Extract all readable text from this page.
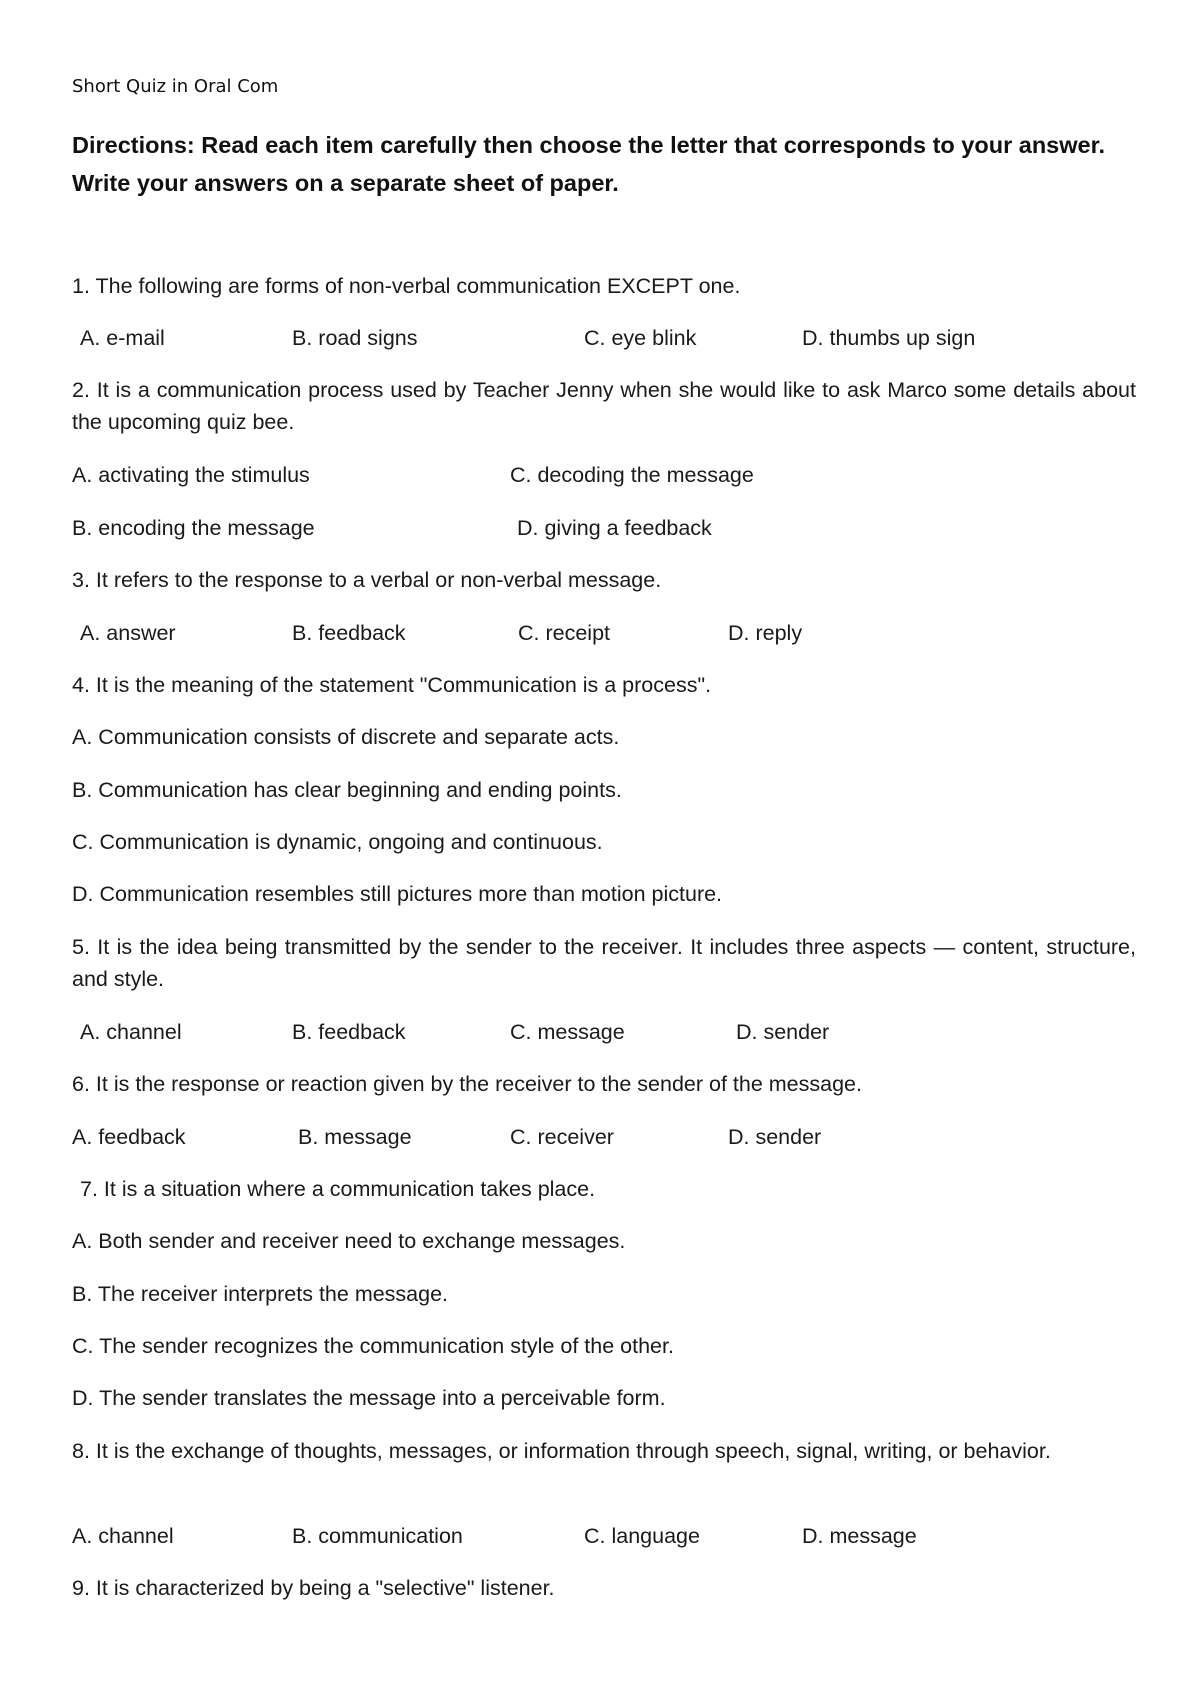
Short Quiz in Oral Com
Directions: Read each item carefully then choose the letter that corresponds to your answer. Write your answers on a separate sheet of paper.
1. The following are forms of non-verbal communication EXCEPT one.
A. e-mail	B. road signs	C. eye blink	D. thumbs up sign
2. It is a communication process used by Teacher Jenny when she would like to ask Marco some details about the upcoming quiz bee.
A. activating the stimulus	C. decoding the message
B. encoding the message	D. giving a feedback
3. It refers to the response to a verbal or non-verbal message.
A. answer	B. feedback	C. receipt	D. reply
4. It is the meaning of the statement "Communication is a process".
A. Communication consists of discrete and separate acts.
B. Communication has clear beginning and ending points.
C. Communication is dynamic, ongoing and continuous.
D. Communication resembles still pictures more than motion picture.
5. It is the idea being transmitted by the sender to the receiver. It includes three aspects — content, structure, and style.
A. channel	B. feedback	C. message	D. sender
6. It is the response or reaction given by the receiver to the sender of the message.
A. feedback	B. message	C. receiver	D. sender
7. It is a situation where a communication takes place.
A. Both sender and receiver need to exchange messages.
B. The receiver interprets the message.
C. The sender recognizes the communication style of the other.
D. The sender translates the message into a perceivable form.
8. It is the exchange of thoughts, messages, or information through speech, signal, writing, or behavior.
A. channel	B. communication	C. language	D. message
9. It is characterized by being a "selective" listener.
